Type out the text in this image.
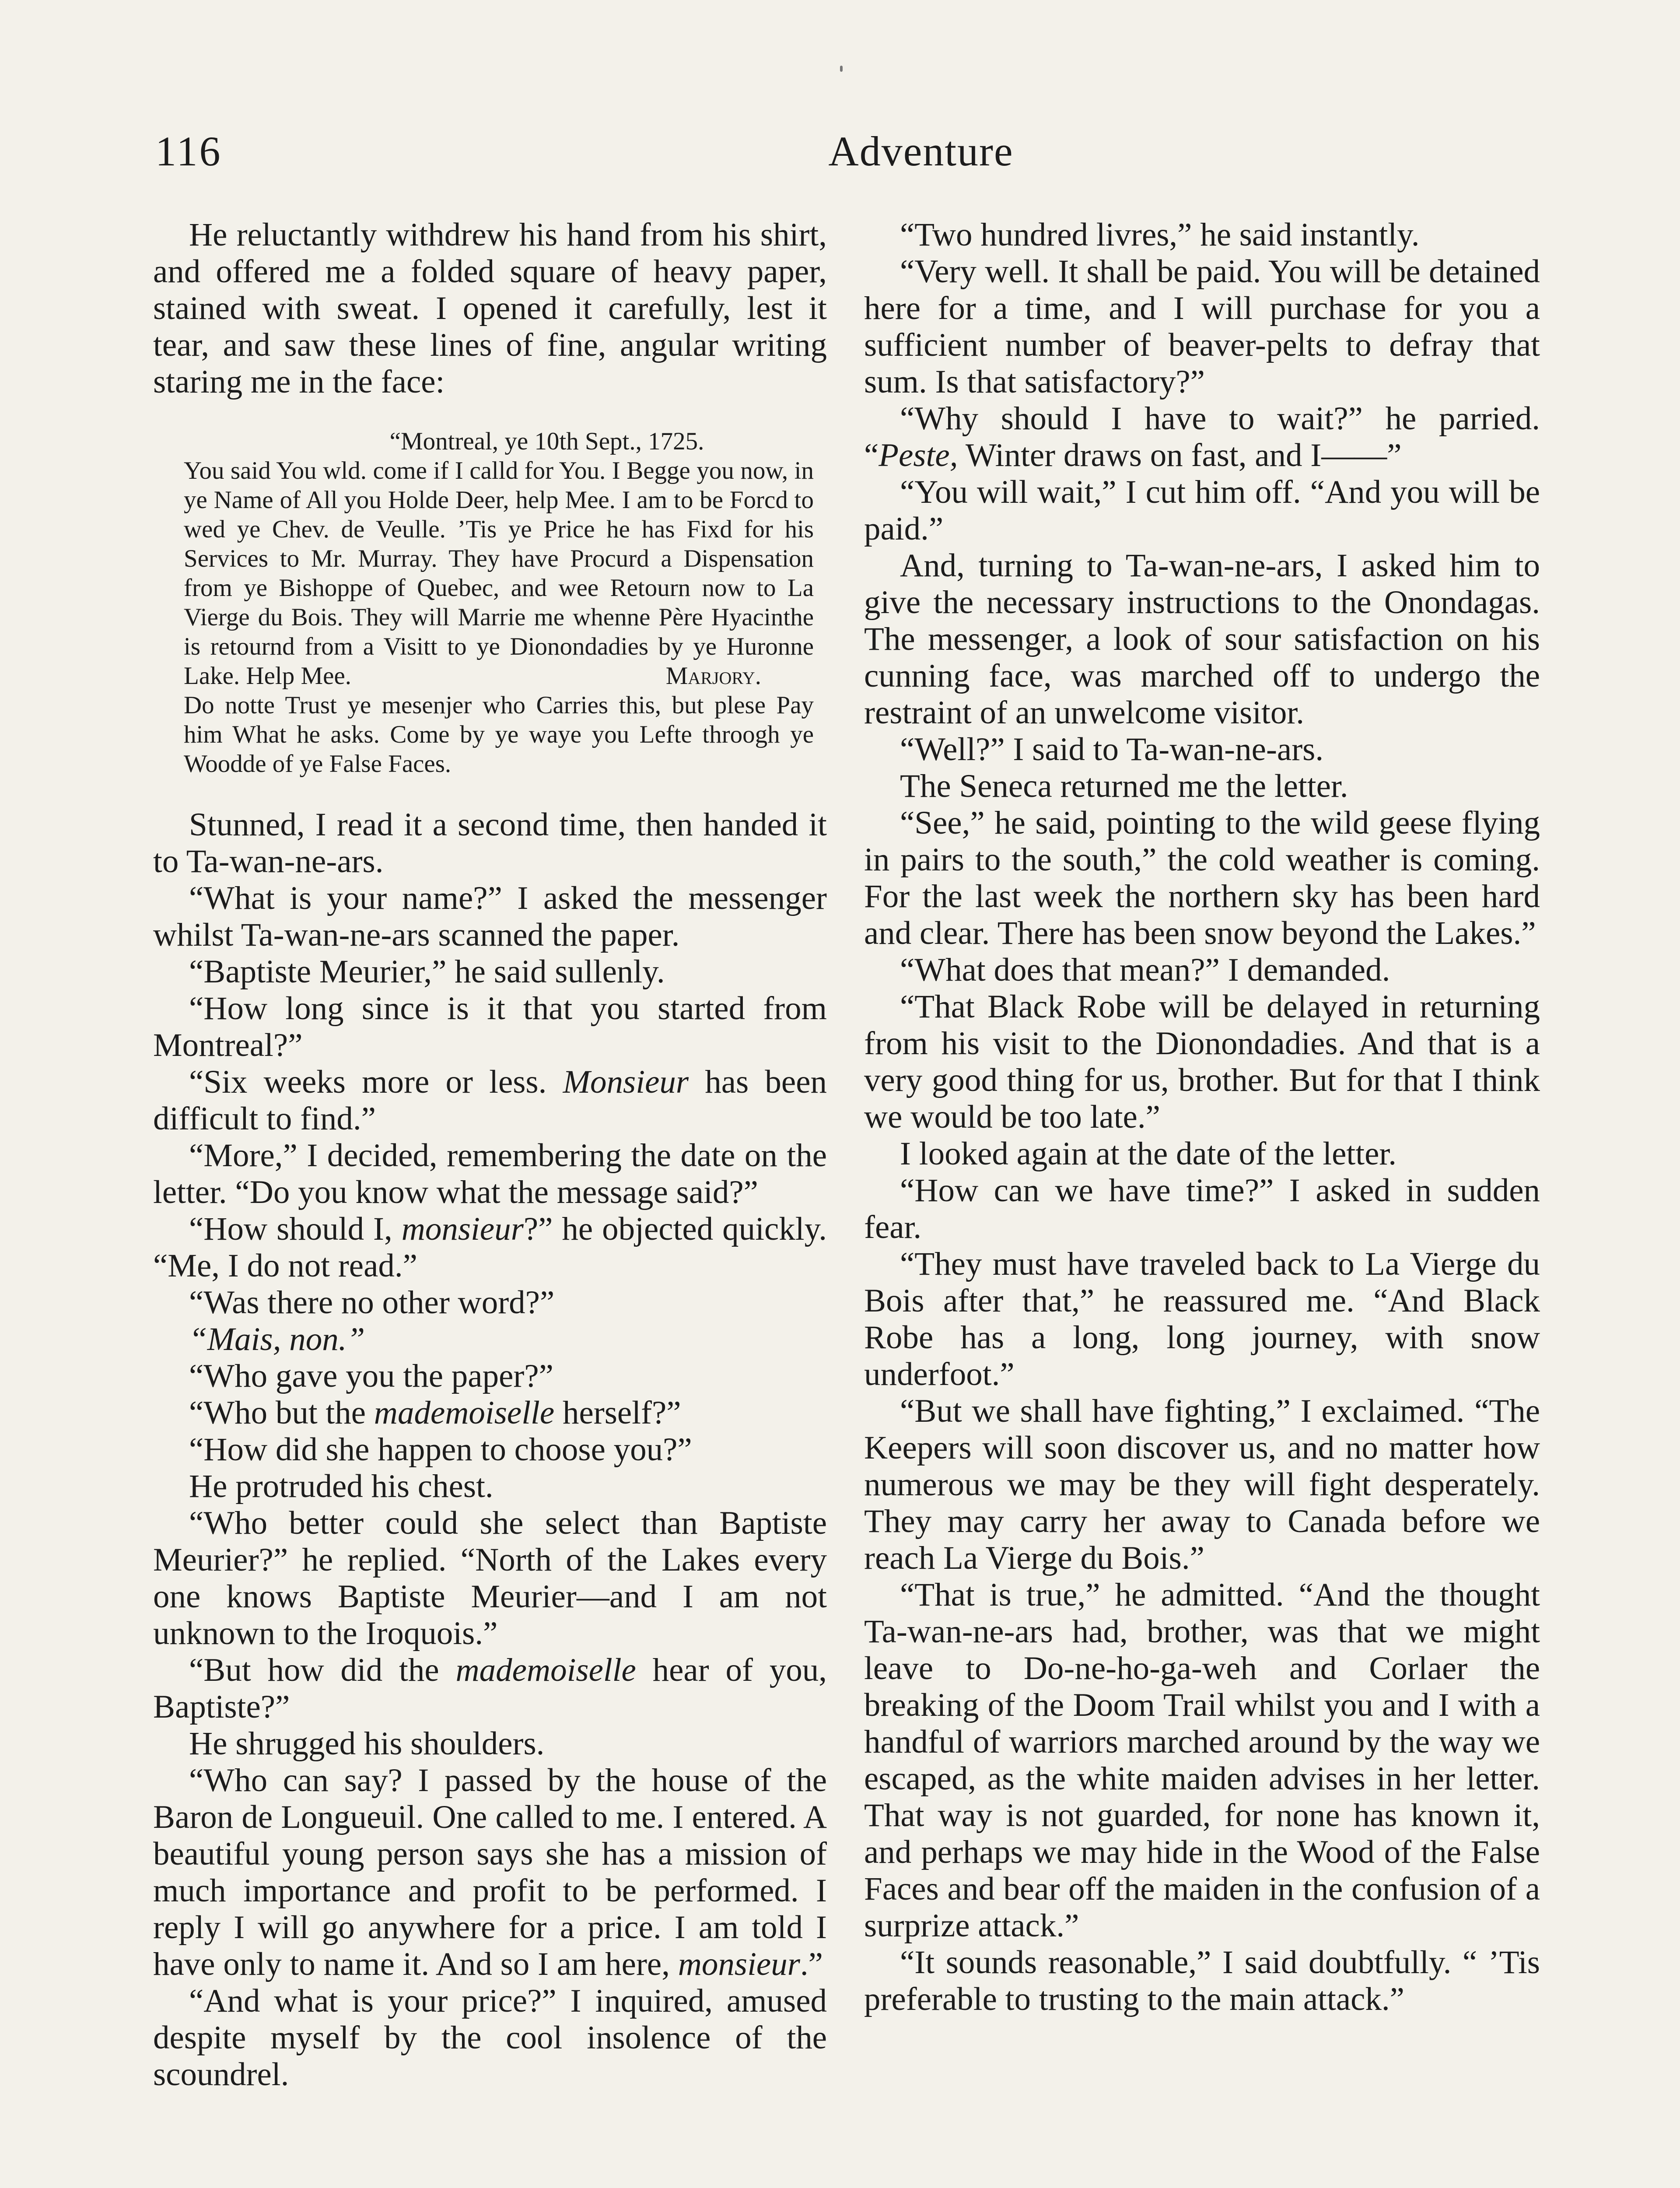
116	Adventure

He reluctantly withdrew his hand from his shirt, and offered me a folded square of heavy paper, stained with sweat. I opened it carefully, lest it tear, and saw these lines of fine, angular writing staring me in the face:

“Montreal, ye 10th Sept., 1725.

You said You wld. come if I calld for You. I Begge you now, in ye Name of All you Holde Deer, help Mee. I am to be Forcd to wed ye Chev. de Veulle. ’Tis ye Price he has Fixd for his Services to Mr. Murray. They have Procurd a Dispensation from ye Bishoppe of Quebec, and wee Retourn now to La Vierge du Bois. They will Marrie me whenne Père Hyacinthe is retournd from a Visitt to ye Dionondadies by ye Huronne Lake. Help Mee.	Marjory.

Do notte Trust ye mesenjer who Carries this, but plese Pay him What he asks. Come by ye waye you Lefte throogh ye Woodde of ye False Faces.

Stunned, I read it a second time, then handed it to Ta-wan-ne-ars.

“What is your name?” I asked the messenger whilst Ta-wan-ne-ars scanned the paper.

“Baptiste Meurier,” he said sullenly.

“How long since is it that you started from Montreal?”

“Six weeks more or less. Monsieur has been difficult to find.”

“More,” I decided, remembering the date on the letter. “Do you know what the message said?”

“How should I, monsieur?” he objected quickly. “Me, I do not read.”

“Was there no other word?”

“Mais, non.”

“Who gave you the paper?”

“Who but the mademoiselle herself?”

“How did she happen to choose you?”

He protruded his chest.

“Who better could she select than Baptiste Meurier?” he replied. “North of the Lakes every one knows Baptiste Meurier—and I am not unknown to the Iroquois.”

“But how did the mademoiselle hear of you, Baptiste?”

He shrugged his shoulders.

“Who can say? I passed by the house of the Baron de Longueuil. One called to me. I entered. A beautiful young person says she has a mission of much importance and profit to be performed. I reply I will go anywhere for a price. I am told I have only to name it. And so I am here, monsieur.”

“And what is your price?” I inquired, amused despite myself by the cool insolence of the scoundrel.

“Two hundred livres,” he said instantly.

“Very well. It shall be paid. You will be detained here for a time, and I will purchase for you a sufficient number of beaver-pelts to defray that sum. Is that satisfactory?”

“Why should I have to wait?” he parried. “Peste, Winter draws on fast, and I——”

“You will wait,” I cut him off. “And you will be paid.”

And, turning to Ta-wan-ne-ars, I asked him to give the necessary instructions to the Onondagas. The messenger, a look of sour satisfaction on his cunning face, was marched off to undergo the restraint of an unwelcome visitor.

“Well?” I said to Ta-wan-ne-ars.

The Seneca returned me the letter.

“See,” he said, pointing to the wild geese flying in pairs to the south,” the cold weather is coming. For the last week the northern sky has been hard and clear. There has been snow beyond the Lakes.”

“What does that mean?” I demanded.

“That Black Robe will be delayed in returning from his visit to the Dionondadies. And that is a very good thing for us, brother. But for that I think we would be too late.”

I looked again at the date of the letter.

“How can we have time?” I asked in sudden fear.

“They must have traveled back to La Vierge du Bois after that,” he reassured me. “And Black Robe has a long, long journey, with snow underfoot.”

“But we shall have fighting,” I exclaimed. “The Keepers will soon discover us, and no matter how numerous we may be they will fight desperately. They may carry her away to Canada before we reach La Vierge du Bois.”

“That is true,” he admitted. “And the thought Ta-wan-ne-ars had, brother, was that we might leave to Do-ne-ho-ga-weh and Corlaer the breaking of the Doom Trail whilst you and I with a handful of warriors marched around by the way we escaped, as the white maiden advises in her letter. That way is not guarded, for none has known it, and perhaps we may hide in the Wood of the False Faces and bear off the maiden in the confusion of a surprize attack.”

“It sounds reasonable,” I said doubtfully. “ ’Tis preferable to trusting to the main attack.”
